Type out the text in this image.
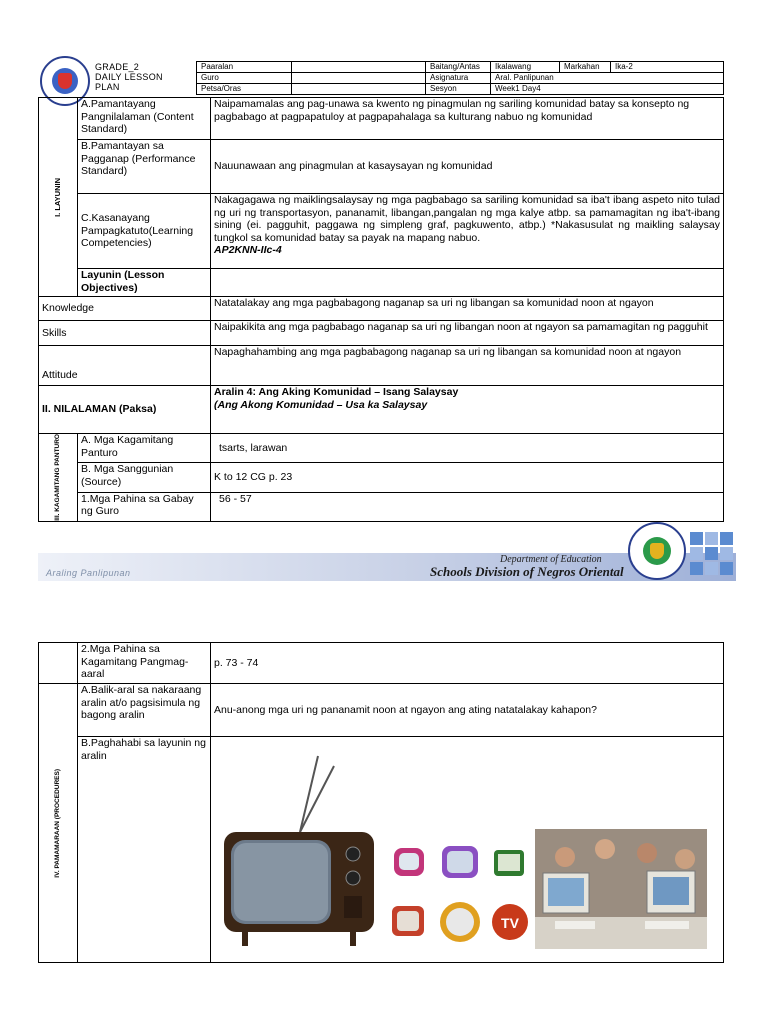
GRADE_2
DAILY LESSON
PLAN
	Paaralan		Baitang/Antas	Ikalawang	Markahan	Ika-2
	Guro		Asignatura	Aral. Panlipunan		
	Petsa/Oras		Sesyon	Week1 Day4		
I. LAYUNIN	A.Pamantayang Pangnilalaman (Content Standard)	Naipamamalas ang pag-unawa sa kwento ng pinagmulan ng sariling komunidad batay sa konsepto ng pagbabago at pagpapatuloy at pagpapahalaga sa kulturang nabuo ng komunidad
	B.Pamantayan sa Pagganap (Performance Standard)	Nauunawaan ang pinagmulan at kasaysayan ng komunidad
	C.Kasanayang Pampagkatuto(Learning Competencies)	Nakagagawa ng maiklingsalaysay ng mga pagbabago sa sariling komunidad sa iba't ibang aspeto nito tulad ng uri ng transportasyon, pananamit, libangan,pangalan ng mga kalye atbp. sa pamamagitan ng iba't-ibang sining (ei. pagguhit, paggawa ng simpleng graf, pagkuwento, atbp.) *Nakasusulat ng maikling salaysay tungkol sa komunidad batay sa payak na mapang nabuo.
AP2KNN-IIc-4
	Layunin (Lesson Objectives)	
Knowledge		Natatalakay ang mga pagbabagong naganap sa uri ng libangan sa komunidad noon at ngayon
Skills		Naipakikita ang mga pagbabago naganap sa uri ng libangan noon at ngayon sa pamamagitan ng pagguhit
Attitude		Napaghahambing ang mga pagbabagong naganap sa uri ng libangan sa komunidad noon at ngayon
II. NILALAMAN (Paksa)		Aralin 4: Ang Aking Komunidad – Isang Salaysay
(Ang Akong Komunidad – Usa ka Salaysay

III. KAGAMITANG PANTURO	A. Mga Kagamitang Panturo	tsarts, larawan
	B. Mga Sanggunian (Source)	K to 12 CG p. 23
	1.Mga Pahina sa Gabay ng Guro	56 - 57
Araling Panlipunan
Department of Education
Schools Division of Negros Oriental
	2.Mga Pahina sa Kagamitang Pangmag-aaral	p. 73 - 74

IV. PAMAMARAAN (PROCEDURES)	A.Balik-aral sa nakaraang aralin at/o pagsisimula ng bagong aralin	Anu-anong mga uri ng pananamit noon at ngayon ang ating natatalakay kahapon?
	B.Paghahabi sa layunin ng aralin	
TV
